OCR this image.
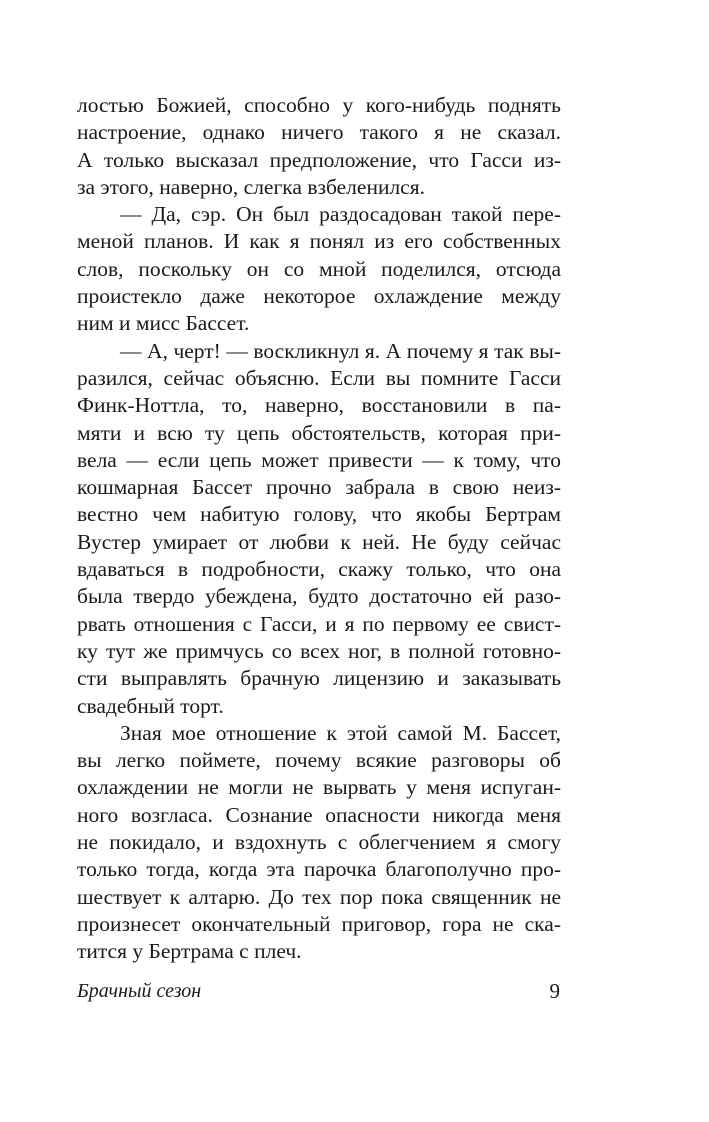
лостью Божией, способно у кого-нибудь поднять
настроение, однако ничего такого я не сказал.
А только высказал предположение, что Гасси из-
за этого, наверно, слегка взбеленился.
— Да, сэр. Он был раздосадован такой пере-
меной планов. И как я понял из его собственных
слов, поскольку он со мной поделился, отсюда
проистекло даже некоторое охлаждение между
ним и мисс Бассет.
— А, черт! — воскликнул я. А почему я так вы-
разился, сейчас объясню. Если вы помните Гасси
Финк-Ноттла, то, наверно, восстановили в па-
мяти и всю ту цепь обстоятельств, которая при-
вела — если цепь может привести — к тому, что
кошмарная Бассет прочно забрала в свою неиз-
вестно чем набитую голову, что якобы Бертрам
Вустер умирает от любви к ней. Не буду сейчас
вдаваться в подробности, скажу только, что она
была твердо убеждена, будто достаточно ей разо-
рвать отношения с Гасси, и я по первому ее свист-
ку тут же примчусь со всех ног, в полной готовно-
сти выправлять брачную лицензию и заказывать
свадебный торт.
Зная мое отношение к этой самой М. Бассет,
вы легко поймете, почему всякие разговоры об
охлаждении не могли не вырвать у меня испуган-
ного возгласа. Сознание опасности никогда меня
не покидало, и вздохнуть с облегчением я смогу
только тогда, когда эта парочка благополучно про-
шествует к алтарю. До тех пор пока священник не
произнесет окончательный приговор, гора не ска-
тится у Бертрама с плеч.
Брачный сезон	9
